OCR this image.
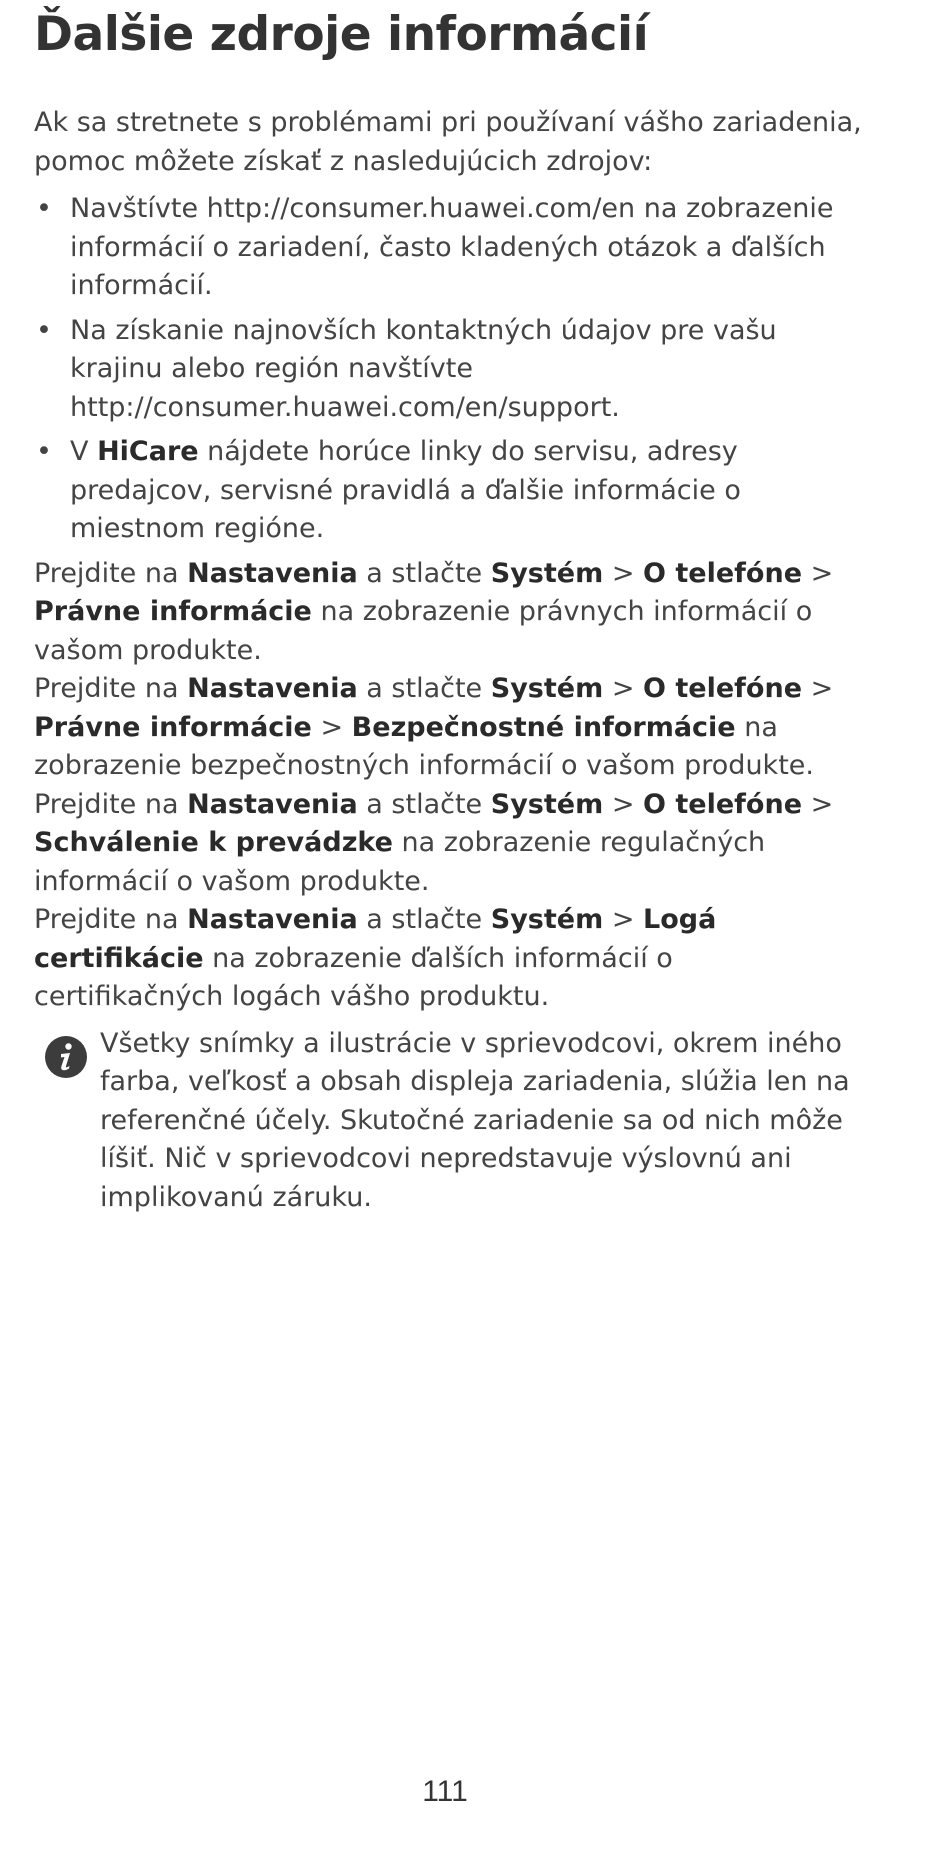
Ďalšie zdroje informácií

Ak sa stretnete s problémami pri používaní vášho zariadenia, pomoc môžete získať z nasledujúcich zdrojov:

• Navštívte http://consumer.huawei.com/en na zobrazenie informácií o zariadení, často kladených otázok a ďalších informácií.
• Na získanie najnovších kontaktných údajov pre vašu krajinu alebo región navštívte http://consumer.huawei.com/en/support.
• V HiCare nájdete horúce linky do servisu, adresy predajcov, servisné pravidlá a ďalšie informácie o miestnom regióne.

Prejdite na Nastavenia a stlačte Systém > O telefóne > Právne informácie na zobrazenie právnych informácií o vašom produkte.

Prejdite na Nastavenia a stlačte Systém > O telefóne > Právne informácie > Bezpečnostné informácie na zobrazenie bezpečnostných informácií o vašom produkte.

Prejdite na Nastavenia a stlačte Systém > O telefóne > Schválenie k prevádzke na zobrazenie regulačných informácií o vašom produkte.

Prejdite na Nastavenia a stlačte Systém > Logá certifikácie na zobrazenie ďalších informácií o certifikačných logách vášho produktu.

Všetky snímky a ilustrácie v sprievodcovi, okrem iného farba, veľkosť a obsah displeja zariadenia, slúžia len na referenčné účely. Skutočné zariadenie sa od nich môže líšiť. Nič v sprievodcovi nepredstavuje výslovnú ani implikovanú záruku.
111
